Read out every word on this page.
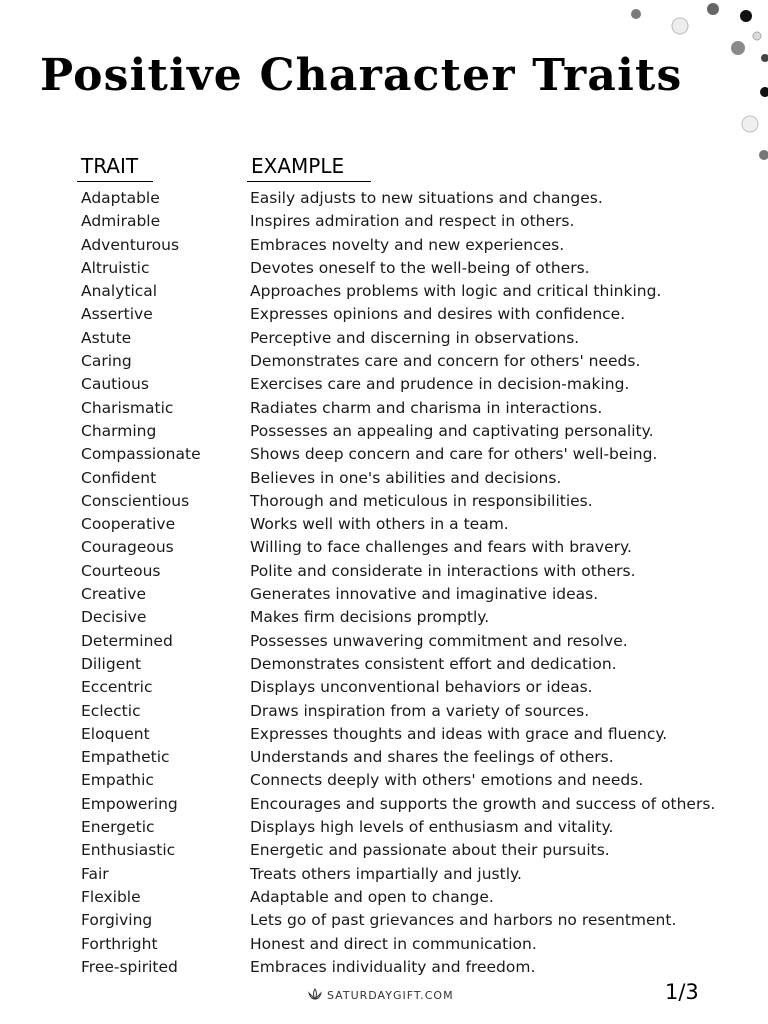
Positive Character Traits
TRAIT	EXAMPLE
Adaptable	Easily adjusts to new situations and changes.
Admirable	Inspires admiration and respect in others.
Adventurous	Embraces novelty and new experiences.
Altruistic	Devotes oneself to the well-being of others.
Analytical	Approaches problems with logic and critical thinking.
Assertive	Expresses opinions and desires with confidence.
Astute	Perceptive and discerning in observations.
Caring	Demonstrates care and concern for others' needs.
Cautious	Exercises care and prudence in decision-making.
Charismatic	Radiates charm and charisma in interactions.
Charming	Possesses an appealing and captivating personality.
Compassionate	Shows deep concern and care for others' well-being.
Confident	Believes in one's abilities and decisions.
Conscientious	Thorough and meticulous in responsibilities.
Cooperative	Works well with others in a team.
Courageous	Willing to face challenges and fears with bravery.
Courteous	Polite and considerate in interactions with others.
Creative	Generates innovative and imaginative ideas.
Decisive	Makes firm decisions promptly.
Determined	Possesses unwavering commitment and resolve.
Diligent	Demonstrates consistent effort and dedication.
Eccentric	Displays unconventional behaviors or ideas.
Eclectic	Draws inspiration from a variety of sources.
Eloquent	Expresses thoughts and ideas with grace and fluency.
Empathetic	Understands and shares the feelings of others.
Empathic	Connects deeply with others' emotions and needs.
Empowering	Encourages and supports the growth and success of others.
Energetic	Displays high levels of enthusiasm and vitality.
Enthusiastic	Energetic and passionate about their pursuits.
Fair	Treats others impartially and justly.
Flexible	Adaptable and open to change.
Forgiving	Lets go of past grievances and harbors no resentment.
Forthright	Honest and direct in communication.
Free-spirited	Embraces individuality and freedom.
SATURDAYGIFT.COM	1/3
